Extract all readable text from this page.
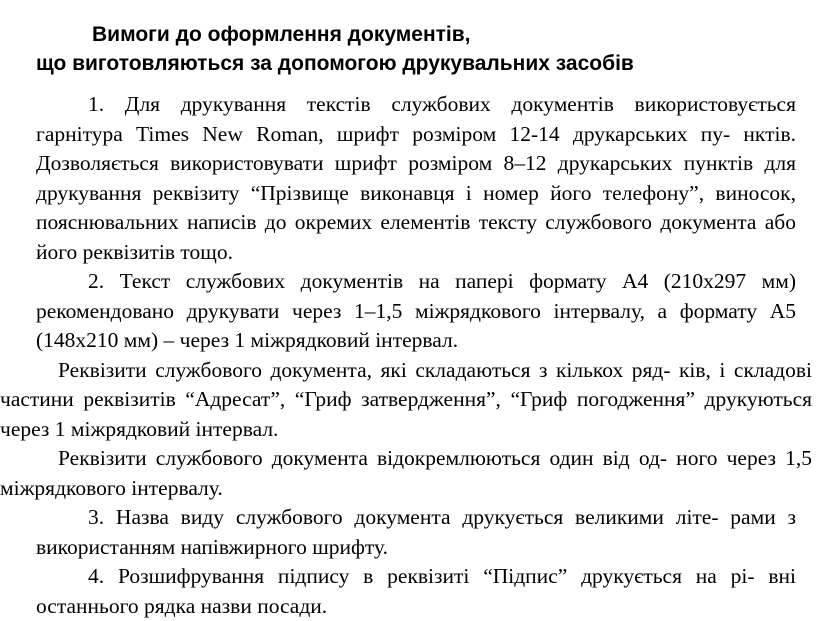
Вимоги до оформлення документів,
що виготовляються за допомогою друкувальних засобів

1. Для друкування текстів службових документів використовується гарнітура Times New Roman, шрифт розміром 12-14 друкарських пу- нктів. Дозволяється використовувати шрифт розміром 8–12 друкарських пунктів для друкування реквізиту “Прізвище виконавця і номер його телефону”, виносок, пояснювальних написів до окремих елементів тексту службового документа або його реквізитів тощо.

2. Текст службових документів на папері формату А4 (210х297 мм) рекомендовано друкувати через 1–1,5 міжрядкового інтервалу, а формату А5 (148х210 мм) – через 1 міжрядковий інтервал.

Реквізити службового документа, які складаються з кількох ряд- ків, і складові частини реквізитів “Адресат”, “Гриф затвердження”, “Гриф погодження” друкуються через 1 міжрядковий інтервал.

Реквізити службового документа відокремлюються один від од- ного через 1,5 міжрядкового інтервалу.

3. Назва виду службового документа друкується великими літе- рами з використанням напівжирного шрифту.

4. Розшифрування підпису в реквізиті “Підпис” друкується на рі- вні останнього рядка назви посади.
